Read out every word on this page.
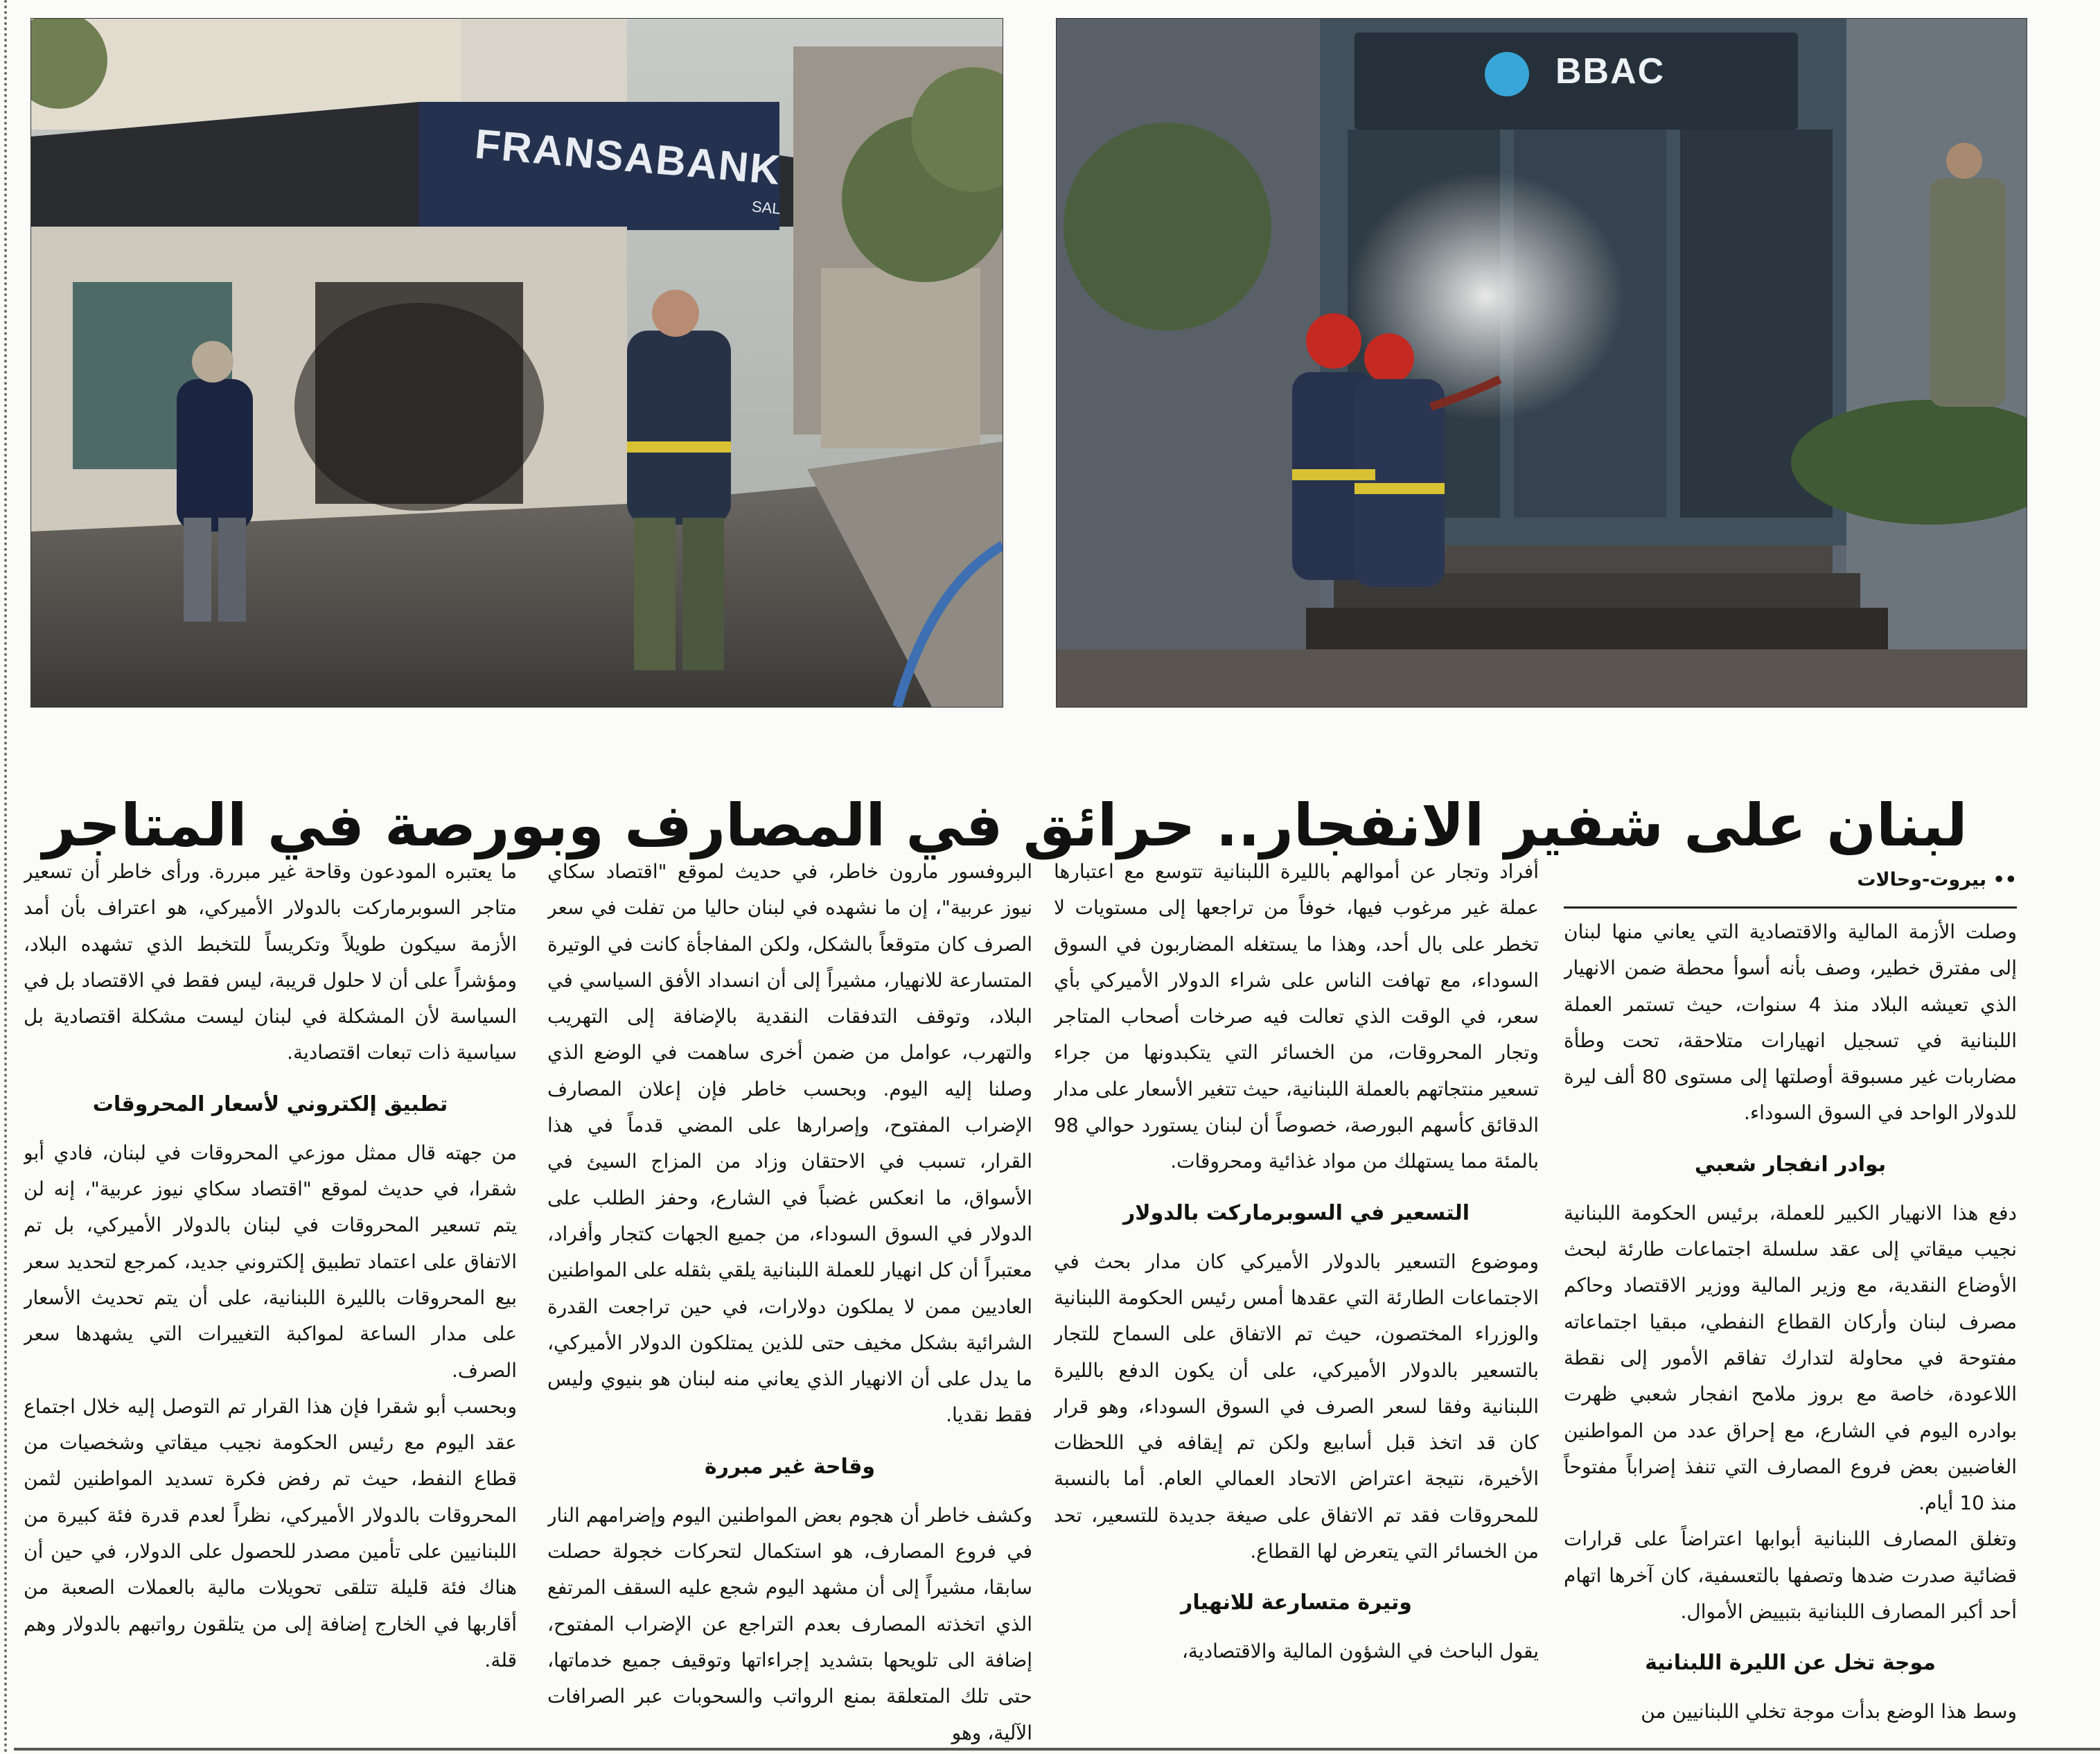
FRANSABANK
SAL
BBAC
لبنان على شفير الانفجار.. حرائق في المصارف وبورصة في المتاجر

•• بيروت-وحالات

وصلت الأزمة المالية والاقتصادية التي يعاني منها لبنان إلى مفترق خطير، وصف بأنه أسوأ محطة ضمن الانهيار الذي تعيشه البلاد منذ 4 سنوات، حيث تستمر العملة اللبنانية في تسجيل انهيارات متلاحقة، تحت وطأة مضاربات غير مسبوقة أوصلتها إلى مستوى 80 ألف ليرة للدولار الواحد في السوق السوداء.

بوادر انفجار شعبي

دفع هذا الانهيار الكبير للعملة، برئيس الحكومة اللبنانية نجيب ميقاتي إلى عقد سلسلة اجتماعات طارئة لبحث الأوضاع النقدية، مع وزير المالية ووزير الاقتصاد وحاكم مصرف لبنان وأركان القطاع النفطي، مبقيا اجتماعاته مفتوحة في محاولة لتدارك تفاقم الأمور إلى نقطة اللاعودة، خاصة مع بروز ملامح انفجار شعبي ظهرت بوادره اليوم في الشارع، مع إحراق عدد من المواطنين الغاضبين بعض فروع المصارف التي تنفذ إضراباً مفتوحاً منذ 10 أيام.

وتغلق المصارف اللبنانية أبوابها اعتراضاً على قرارات قضائية صدرت ضدها وتصفها بالتعسفية، كان آخرها اتهام أحد أكبر المصارف اللبنانية بتبييض الأموال.

موجة تخل عن الليرة اللبنانية

وسط هذا الوضع بدأت موجة تخلي اللبنانيين من

أفراد وتجار عن أموالهم بالليرة اللبنانية تتوسع مع اعتبارها عملة غير مرغوب فيها، خوفاً من تراجعها إلى مستويات لا تخطر على بال أحد، وهذا ما يستغله المضاربون في السوق السوداء، مع تهافت الناس على شراء الدولار الأميركي بأي سعر، في الوقت الذي تعالت فيه صرخات أصحاب المتاجر وتجار المحروقات، من الخسائر التي يتكبدونها من جراء تسعير منتجاتهم بالعملة اللبنانية، حيث تتغير الأسعار على مدار الدقائق كأسهم البورصة، خصوصاً أن لبنان يستورد حوالي 98 بالمئة مما يستهلك من مواد غذائية ومحروقات.

التسعير في السوبرماركت بالدولار

وموضوع التسعير بالدولار الأميركي كان مدار بحث في الاجتماعات الطارئة التي عقدها أمس رئيس الحكومة اللبنانية والوزراء المختصون، حيث تم الاتفاق على السماح للتجار بالتسعير بالدولار الأميركي، على أن يكون الدفع بالليرة اللبنانية وفقا لسعر الصرف في السوق السوداء، وهو قرار كان قد اتخذ قبل أسابيع ولكن تم إيقافه في اللحظات الأخيرة، نتيجة اعتراض الاتحاد العمالي العام. أما بالنسبة للمحروقات فقد تم الاتفاق على صيغة جديدة للتسعير، تحد من الخسائر التي يتعرض لها القطاع.

وتيرة متسارعة للانهيار

يقول الباحث في الشؤون المالية والاقتصادية،

البروفسور مارون خاطر، في حديث لموقع "اقتصاد سكاي نيوز عربية"، إن ما نشهده في لبنان حاليا من تفلت في سعر الصرف كان متوقعاً بالشكل، ولكن المفاجأة كانت في الوتيرة المتسارعة للانهيار، مشيراً إلى أن انسداد الأفق السياسي في البلاد، وتوقف التدفقات النقدية بالإضافة إلى التهريب والتهرب، عوامل من ضمن أخرى ساهمت في الوضع الذي وصلنا إليه اليوم. وبحسب خاطر فإن إعلان المصارف الإضراب المفتوح، وإصرارها على المضي قدماً في هذا القرار، تسبب في الاحتقان وزاد من المزاج السيئ في الأسواق، ما انعكس غضباً في الشارع، وحفز الطلب على الدولار في السوق السوداء، من جميع الجهات كتجار وأفراد، معتبراً أن كل انهيار للعملة اللبنانية يلقي بثقله على المواطنين العاديين ممن لا يملكون دولارات، في حين تراجعت القدرة الشرائية بشكل مخيف حتى للذين يمتلكون الدولار الأميركي، ما يدل على أن الانهيار الذي يعاني منه لبنان هو بنيوي وليس فقط نقديا.

وقاحة غير مبررة

وكشف خاطر أن هجوم بعض المواطنين اليوم وإضرامهم النار في فروع المصارف، هو استكمال لتحركات خجولة حصلت سابقا، مشيراً إلى أن مشهد اليوم شجع عليه السقف المرتفع الذي اتخذته المصارف بعدم التراجع عن الإضراب المفتوح، إضافة الى تلويحها بتشديد إجراءاتها وتوقيف جميع خدماتها، حتى تلك المتعلقة بمنع الرواتب والسحوبات عبر الصرافات الآلية، وهو

ما يعتبره المودعون وقاحة غير مبررة. ورأى خاطر أن تسعير متاجر السوبرماركت بالدولار الأميركي، هو اعتراف بأن أمد الأزمة سيكون طويلاً وتكريساً للتخبط الذي تشهده البلاد، ومؤشراً على أن لا حلول قريبة، ليس فقط في الاقتصاد بل في السياسة لأن المشكلة في لبنان ليست مشكلة اقتصادية بل سياسية ذات تبعات اقتصادية.

تطبيق إلكتروني لأسعار المحروقات

من جهته قال ممثل موزعي المحروقات في لبنان، فادي أبو شقرا، في حديث لموقع "اقتصاد سكاي نيوز عربية"، إنه لن يتم تسعير المحروقات في لبنان بالدولار الأميركي، بل تم الاتفاق على اعتماد تطبيق إلكتروني جديد، كمرجع لتحديد سعر بيع المحروقات بالليرة اللبنانية، على أن يتم تحديث الأسعار على مدار الساعة لمواكبة التغييرات التي يشهدها سعر الصرف.

وبحسب أبو شقرا فإن هذا القرار تم التوصل إليه خلال اجتماع عقد اليوم مع رئيس الحكومة نجيب ميقاتي وشخصيات من قطاع النفط، حيث تم رفض فكرة تسديد المواطنين لثمن المحروقات بالدولار الأميركي، نظراً لعدم قدرة فئة كبيرة من اللبنانيين على تأمين مصدر للحصول على الدولار، في حين أن هناك فئة قليلة تتلقى تحويلات مالية بالعملات الصعبة من أقاربها في الخارج إضافة إلى من يتلقون رواتبهم بالدولار وهم قلة.
